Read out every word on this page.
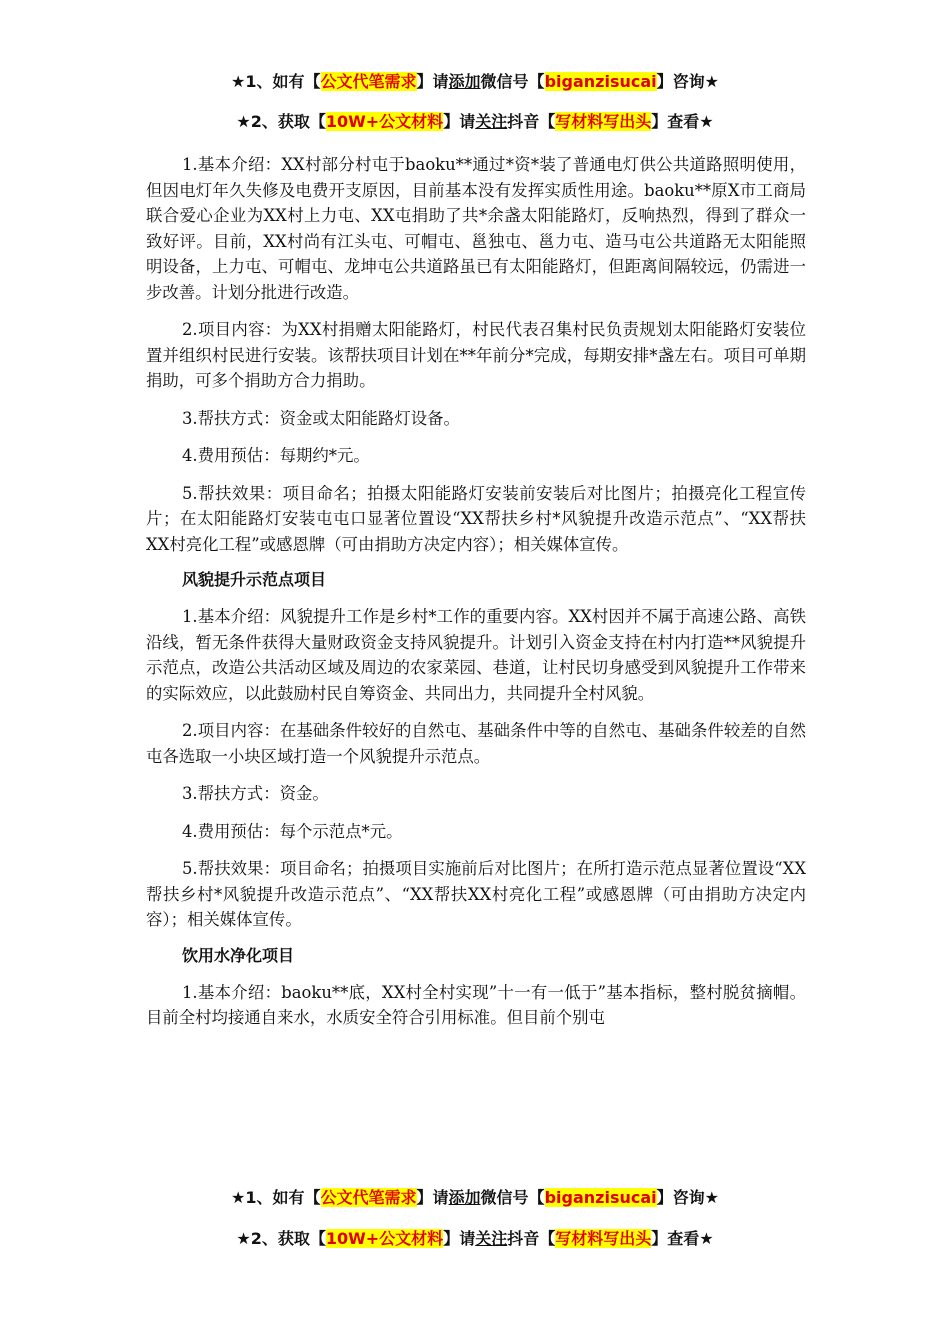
★1、如有【公文代笔需求】请添加微信号【biganzisucai】咨询★
★2、获取【10W+公文材料】请关注抖音【写材料写出头】查看★

1.基本介绍：XX村部分村屯于baoku**通过*资*装了普通电灯供公共道路照明使用，但因电灯年久失修及电费开支原因，目前基本没有发挥实质性用途。baoku**原X市工商局联合爱心企业为XX村上力屯、XX屯捐助了共*余盏太阳能路灯，反响热烈，得到了群众一致好评。目前，XX村尚有江头屯、可帽屯、邕独屯、邕力屯、造马屯公共道路无太阳能照明设备，上力屯、可帽屯、龙坤屯公共道路虽已有太阳能路灯，但距离间隔较远，仍需进一步改善。计划分批进行改造。

2.项目内容：为XX村捐赠太阳能路灯，村民代表召集村民负责规划太阳能路灯安装位置并组织村民进行安装。该帮扶项目计划在**年前分*完成，每期安排*盏左右。项目可单期捐助，可多个捐助方合力捐助。

3.帮扶方式：资金或太阳能路灯设备。

4.费用预估：每期约*元。

5.帮扶效果：项目命名；拍摄太阳能路灯安装前安装后对比图片；拍摄亮化工程宣传片；在太阳能路灯安装屯屯口显著位置设“XX帮扶乡村*风貌提升改造示范点”、“XX帮扶XX村亮化工程”或感恩牌（可由捐助方决定内容）；相关媒体宣传。

风貌提升示范点项目

1.基本介绍：风貌提升工作是乡村*工作的重要内容。XX村因并不属于高速公路、高铁沿线，暂无条件获得大量财政资金支持风貌提升。计划引入资金支持在村内打造**风貌提升示范点，改造公共活动区域及周边的农家菜园、巷道，让村民切身感受到风貌提升工作带来的实际效应，以此鼓励村民自筹资金、共同出力，共同提升全村风貌。

2.项目内容：在基础条件较好的自然屯、基础条件中等的自然屯、基础条件较差的自然屯各选取一小块区域打造一个风貌提升示范点。

3.帮扶方式：资金。

4.费用预估：每个示范点*元。

5.帮扶效果：项目命名；拍摄项目实施前后对比图片；在所打造示范点显著位置设“XX帮扶乡村*风貌提升改造示范点”、“XX帮扶XX村亮化工程”或感恩牌（可由捐助方决定内容）；相关媒体宣传。

饮用水净化项目

1.基本介绍：baoku**底，XX村全村实现”十一有一低于”基本指标，整村脱贫摘帽。目前全村均接通自来水，水质安全符合引用标准。但目前个别屯

★1、如有【公文代笔需求】请添加微信号【biganzisucai】咨询★
★2、获取【10W+公文材料】请关注抖音【写材料写出头】查看★
